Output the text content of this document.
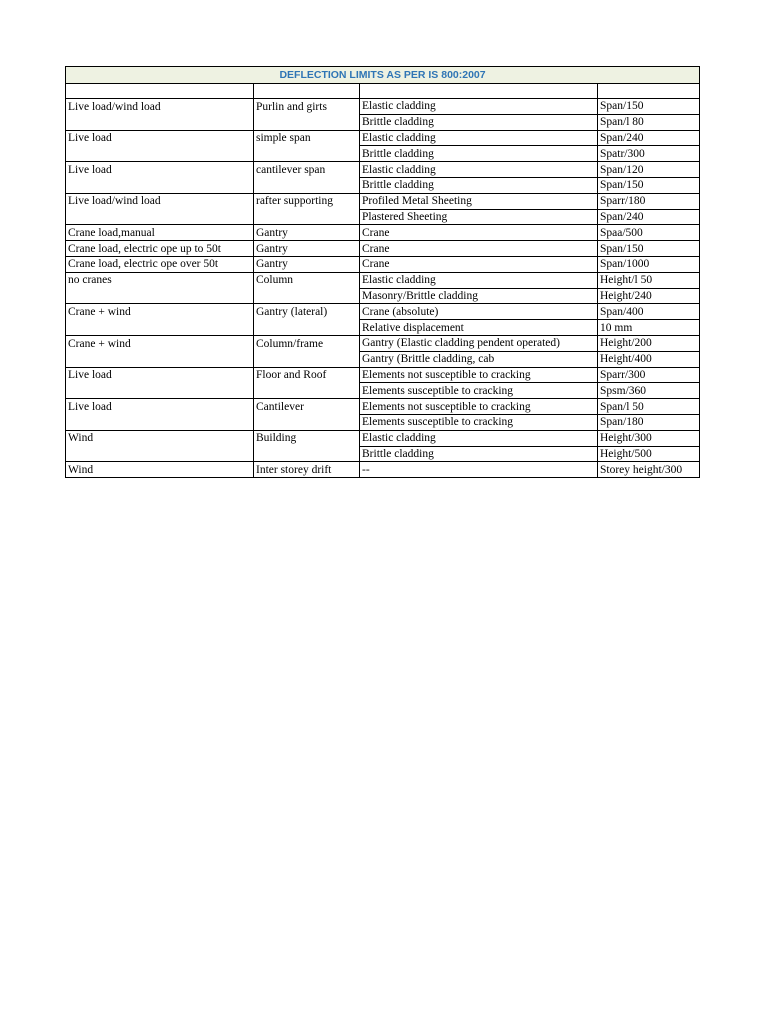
DEFLECTION LIMITS AS PER IS 800:2007			

Live load/wind load	Purlin and girts	Elastic cladding	Span/150
		Brittle cladding	Span/l 80
Live load	simple span	Elastic cladding	Span/240
		Brittle cladding	Spatr/300
Live load	cantilever span	Elastic cladding	Span/120
		Brittle cladding	Span/150
Live load/wind load	rafter supporting	Profiled Metal Sheeting	Sparr/180
		Plastered Sheeting	Span/240
Crane load,manual	Gantry	Crane	Spaa/500
Crane load, electric ope up to 50t	Gantry	Crane	Span/150
Crane load, electric ope over 50t	Gantry	Crane	Span/1000
no cranes	Column	Elastic cladding	Height/l 50
		Masonry/Brittle cladding	Height/240
Crane + wind	Gantry (lateral)	Crane (absolute)	Span/400
		Relative displacement	10 mm
Crane + wind	Column/frame	Gantry (Elastic cladding pendent operated)	Height/200
		Gantry (Brittle cladding, cab	Height/400
Live load	Floor and Roof	Elements not susceptible to cracking	Sparr/300
		Elements susceptible to cracking	Spsm/360
Live load	Cantilever	Elements not susceptible to cracking	Span/l 50
		Elements susceptible to cracking	Span/180
Wind	Building	Elastic cladding	Height/300
		Brittle cladding	Height/500
Wind	Inter storey drift	--	Storey height/300
